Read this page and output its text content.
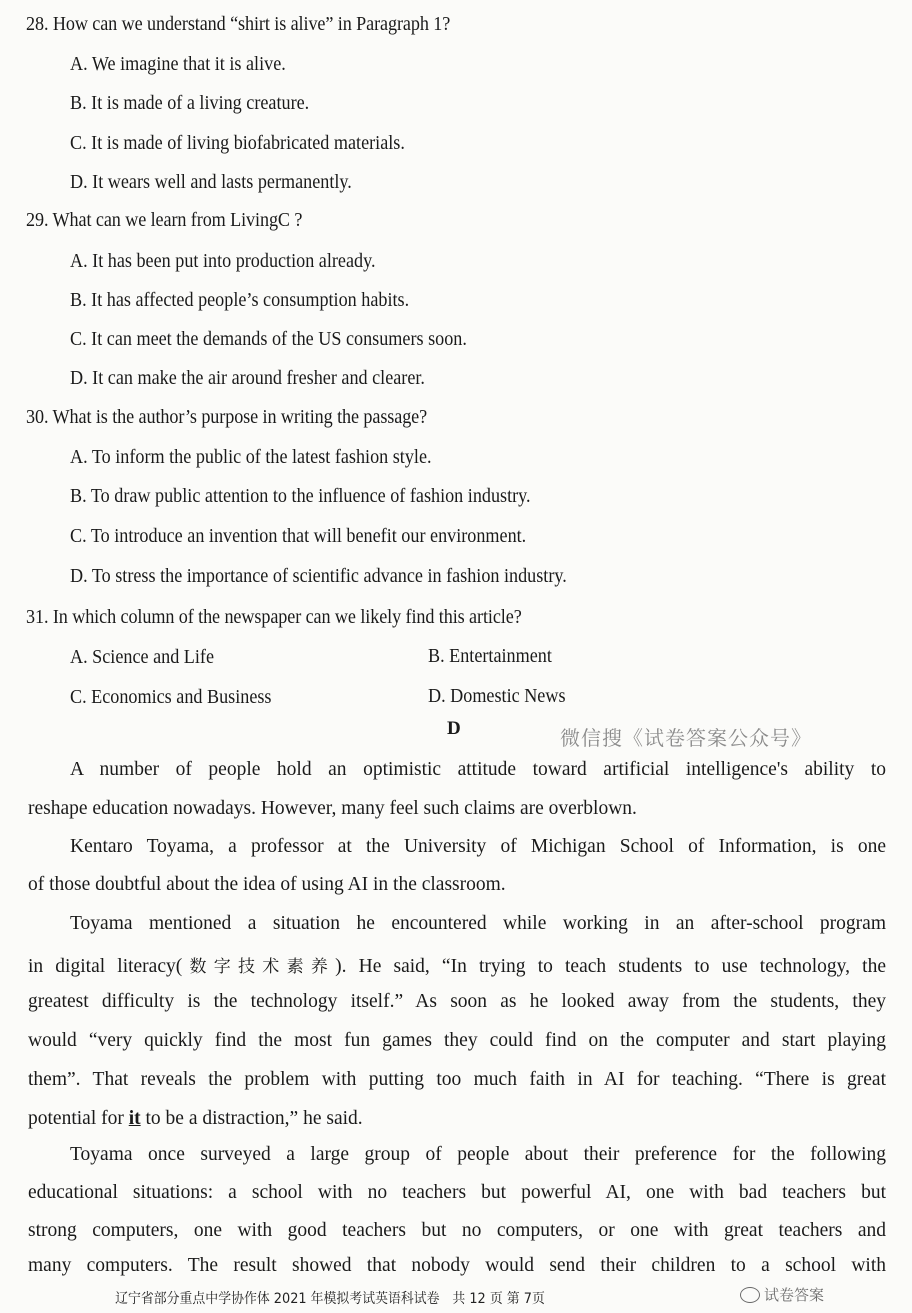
28. How can we understand “shirt is alive” in Paragraph 1?
A. We imagine that it is alive.
B. It is made of a living creature.
C. It is made of living biofabricated materials.
D. It wears well and lasts permanently.
29. What can we learn from LivingC ?
A. It has been put into production already.
B. It has affected people’s consumption habits.
C. It can meet the demands of the US consumers soon.
D. It can make the air around fresher and clearer.
30. What is the author’s purpose in writing the passage?
A. To inform the public of the latest fashion style.
B. To draw public attention to the influence of fashion industry.
C. To introduce an invention that will benefit our environment.
D. To stress the importance of scientific advance in fashion industry.
31. In which column of the newspaper can we likely find this article?
A. Science and Life	B. Entertainment
C. Economics and Business	D. Domestic News
D	微信搜《试卷答案公众号》
A number of people hold an optimistic attitude toward artificial intelligence's ability to
reshape education nowadays. However, many feel such claims are overblown.
Kentaro Toyama, a professor at the University of Michigan School of Information, is one
of those doubtful about the idea of using AI in the classroom.
Toyama mentioned a situation he encountered while working in an after-school program
in digital literacy(数字技术素养). He said, “In trying to teach students to use technology, the
greatest difficulty is the technology itself.” As soon as he looked away from the students, they
would “very quickly find the most fun games they could find on the computer and start playing
them”. That reveals the problem with putting too much faith in AI for teaching. “There is great
potential for it to be a distraction,” he said.
Toyama once surveyed a large group of people about their preference for the following
educational situations: a school with no teachers but powerful AI, one with bad teachers but
strong computers, one with good teachers but no computers, or one with great teachers and
many computers. The result showed that nobody would send their children to a school with
辽宁省部分重点中学协作体 2021 年模拟考试英语科试卷　共 12 页 第 7页	试卷答案
